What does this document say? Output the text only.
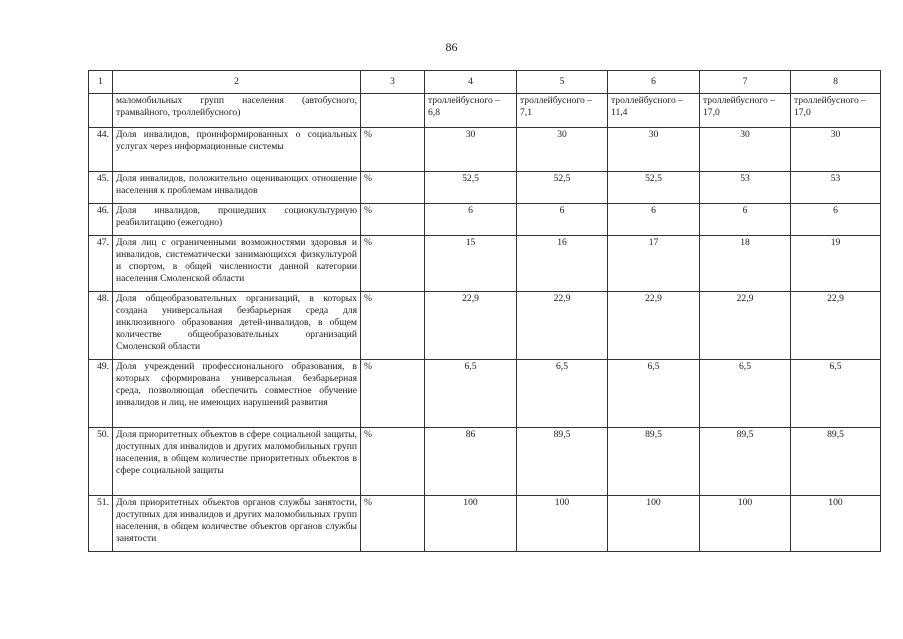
86
1	2	3	4	5	6	7	8
	маломобильных групп населения (автобусного, трамвайного, троллейбусного)		троллейбусного – 6,8	троллейбусного – 7,1	троллейбусного – 11,4	троллейбусного – 17,0	троллейбусного – 17,0
44.	Доля инвалидов, проинформированных о социальных услугах через информационные системы	%	30	30	30	30	30
45.	Доля инвалидов, положительно оценивающих отношение населения к проблемам инвалидов	%	52,5	52,5	52,5	53	53
46.	Доля инвалидов, прошедших социокультурную реабилитацию (ежегодно)	%	6	6	6	6	6
47.	Доля лиц с ограниченными возможностями здоровья и инвалидов, систематически занимающихся физкультурой и спортом, в общей численности данной категории населения Смоленской области	%	15	16	17	18	19
48.	Доля общеобразовательных организаций, в которых создана универсальная безбарьерная среда для инклюзивного образования детей-инвалидов, в общем количестве общеобразовательных организаций Смоленской области	%	22,9	22,9	22,9	22,9	22,9
49.	Доля учреждений профессионального образования, в которых сформирована универсальная безбарьерная среда, позволяющая обеспечить совместное обучение инвалидов и лиц, не имеющих нарушений развития	%	6,5	6,5	6,5	6,5	6,5
50.	Доля приоритетных объектов в сфере социальной защиты, доступных для инвалидов и других маломобильных групп населения, в общем количестве приоритетных объектов в сфере социальной защиты	%	86	89,5	89,5	89,5	89,5
51.	Доля приоритетных объектов органов службы занятости, доступных для инвалидов и других маломобильных групп населения, в общем количестве объектов органов службы занятости	%	100	100	100	100	100
